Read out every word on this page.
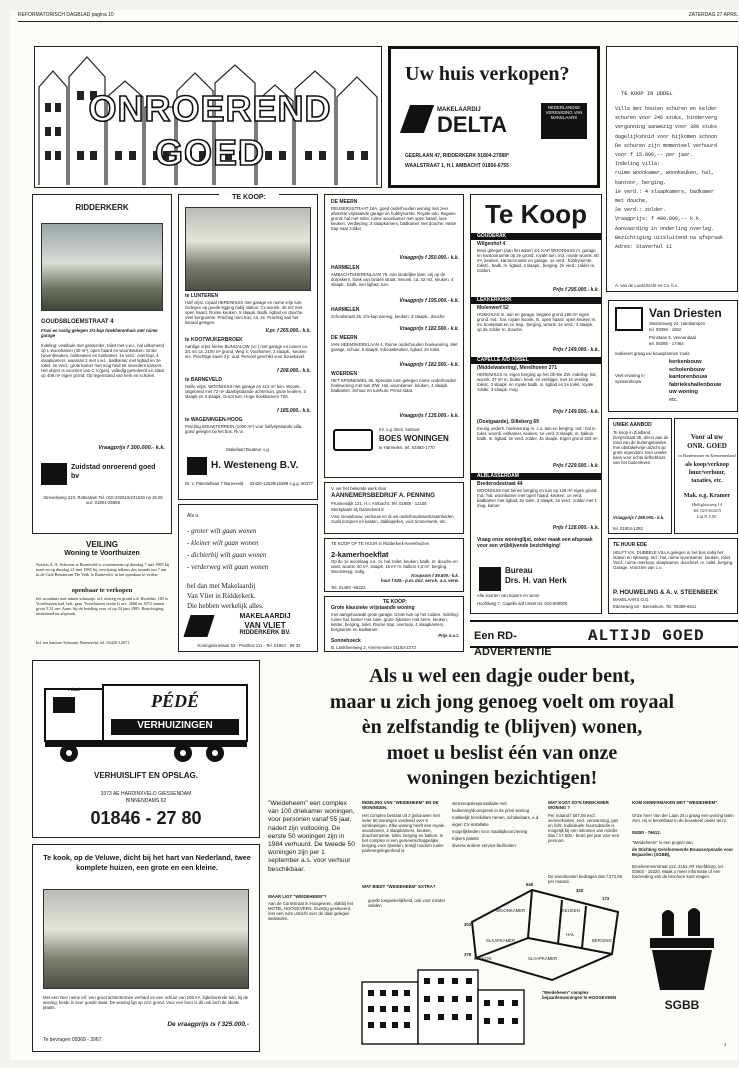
REFORMATORISCH DAGBLAD pagina 10	ZATERDAG 27 APRIL
ONROEREND GOED
Uw huis verkopen?
MAKELAARDIJ
DELTA
NEDERLANDSE VERENIGING VAN MAKELAARS
GEERLAAN 47, RIDDERKERK 01804-27088*
WAALSTRAAT 1, H.I. AMBACHT 01856-6755
TE KOOP IN UDDEL
Villa met houten schuren en kelder
schuren voor 246 stuks, binderverg
vergunning aanwezig voor 300 stuks
dagelijkshoid voor bijkomen schoon
De schuren zijn momenteel verhuurd
voor f 15.000,-- per jaar.
Indeling villa:
ruime woonkamer, woonkeuken, hal,
kantoor, berging.
1e verd.: 4 slaapkamers, badkamer
met douche,
2e verd.: zolder.
Vraagprijs: f 400.000,-- k.k.
Aanvaarding in onderling overleg.
Bezichtiging uitsluitend na afspraak
Adres: Staverhul 11
A. van de Looschecht en Co. b.v.
RIDDERKERK
GOUDSBLOEMSTRAAT 4
Fraai en rustig gelegen 2/1-kap hoekherenhuis met ruime garage
Indeling: vestibule met garderobe, toilet met v.w.l., hal uitkomend op L-woonkamer (40 m²), open haard en woonkeuken. Grote (woon)keuken, tuinkeuken en tuinkamer. 1e verd.: overloop, 4 slaapkamers, waarvan 2 met v.w.l., badkamer met ligbad en 2e toilet. 2e verd.: grote kamer met mog heid tot meerdere kamers. Het object is voorzien van C.V.(gas), volledig geïsoleerd en staat op 408 m² eigen grond. Op tegenstand van kerk en scholen.
Vraagprijs f 300.000.- k.k.
Zuidstad onroerend goed bv
Strevelsweg 210, Rotterdam Tel. 010-232519/231530 na 18.00 uur: 01804-25885
TE KOOP:
te LUNTEREN
Half vrijst. royaal HERENHUIS met garage en ruime vrije tuin. Gelegen op goede ligging nabij station. Cv woonk. 40 m2 met open haard. Ruime keuken. 5 slaapk. Badk. ligbad en douche. Veel bergruimte. Prachtig ruim tuin, ca. 4x. Prachtig aan het kanaal gelegen.
V.pr. f 265.000.- k.k.
te KOOTWIJKERBROEK
Aardige vrijst. kleine BUNGALOW (v.r.) met garage en tuinen ca. 3/1 en ca. 2100 m² grond. Weg 4. Voorkamer, 2 slaapk., keuken etc. Prachtige kavel 3 jr. oud. Perceel geschikt voor bouwkavel.
f 208.000.- k.k.
te BARNEVELD
Halfv. vrijst. WOONHUIS met garage en 413 m² tuin. Woonk. uitgebreid met 72 m² daarbijstaande achtertuin, grote keuken, 3 slaapk en 3 slaapk. Groot tuin. Hoge hoekkamers 700.
f 185.000.- k.k.
te WAGENINGEN-HOOG
Prachtig BOUWTERREIN (1000 m²) voor halfvrijstaande villa, goed gelegen bij het bos. Ri.vr.
Makelaar/Taxateur o.g.
H. Westeneng B.V.
Dr. v. Palestellaan 7 Barneveld	03420-12639/15389 s.g.g. 80377
DE MEERN
REUSERSSTRAAT 16A, goed onderhouden woning met zeer afwerkte vrijstaande garage en hobbyruimte. Royale tuin. Begane grond: hal met toilet, ruime woonkamer met open haard, luxe keuken. Verdieping: 3 slaapkamers, badkamer met douche. Vaste trap naar zolder.
Vraagprijs f 350.000.- k.k.
HARMELEN
AMBACHTSHERENLAAN 76. Aan landelijke laan, vrij op de dorpskern, hoek van landeli straat. Woonk. ca. 32 m2, keuken, 4 slaapk., badk. met ligbad, tuin.
Vraagprijs f 195.000.- k.k.
HARMELEN
Schoolstraat 25. 2/1-kap woning, keuken, 3 slaapk., douche.
Vraagprijs f 182.500.- k.k.
DE MEERN
VAN HEEMSKERKLAAN 4. Ruime onderhouden hoekwoning. Met garage, schuur, 5 slaapk. Inbouwkeuken, ligbad, 2e toilet.
Vraagprijs f 182.500.- k.k.
WOERDEN
HET SPINNEWIEL 36. Speciale ruim gelegen ruime onderhouden hoekwoning met tuin Z/W. Hal, woonkamer, keuken, 4 slaapk. badkamer. Schuur en tuinhuis. Prima staat.
Vraagprijs f 135.000.- k.k.
Inl. o.g. Bem. kantoor
BOES WONINGEN
te Harmelen, tel. 03483-1770
V. ver het bekende werk door
AANNEMERSBEDRIJF A. PENNING
Pruimendijk 121, H.I. Ambacht. Tel. 01858 - 12105
Werkplaats bij Damerkant 8
Voor nieuwbouw, verbouw en al uw onderhoudswerkzaamheden, zoals kozijnen en kasten, dakkapellen, voor timmerwerk, etc.
Als u
- groter wilt gaan wonen
- kleiner wilt gaan wonen
- dichterbij wilt gaan wonen
- verderweg wilt gaan wonen
bel dan met Makelaardij
Van Vliet in Ridderkerk.
Die hebben werkelijk alles.
MAKELAARDIJ
VAN VLIET
RIDDERKERK BV.
Koningsinnelaan 63 - Postbus 111 - Tel. 01804 - 89 32
TE KOOP OF TE HUUR in Ridderkerk-Kreekhuizen
2-kamerhoekflat
Op de 1e woonlaag o.a. cv, hal, toilet, keuken, badk. m. douche en wast, woonk. 30 m², slaapk. 15 m² m. balkon 4,2 m², berging. Woonsteyg. redig.
Koopsom f 39.500.- k.k.
huur f 525.- p.m. incl. serv.k. o.a. verw.
Tel. 01480 -69322
TE KOOP:
Grote klassieke vrijstaande woning
met aangebouwde grote garage. Grote tuin op het zuiden. Indeling: ruime hal, kamer met suite, grote zijkamer met serre, keuken, kelder, berging, toilet. Ruime trap, overloop, 4 slaapkamers, bergruimte en badkamer.
Prijs n.o.t.
Sonnehoeck
B. Lankheerweg 2, Amersmolen 01183-2273
VEILING
Woning te Voorthuizen
Notaris A. A. Schoone te Barneveld is voornemens op dinsdag 7 mei 1985 bij inzet en op dinsdag 21 mei 1985 bij toewijzing telkens des avonds om 7 uur in de Café Restaurant 'De Valk' te Barneveld, in het openbaar te veilen:
openbaar te verkopen
het woonhuis met tuinen schuurtje, erf, uitweg en grond a.d. Hoofdstr. 185 te Voorthuizen kad. bek. gem. Voorthuizen sectie G nrs. 2600 en 3072 samen groot 5.51 are. Aanv. bij de betaling voor of op 24 juni 1985. Bezichtiging uitsluitend na afspraak.
Inl. ten kantore Schoone, Barneveld, tel. 03420-12071.
Te Koop
GOUDERAK
Wilgenhof 4
Mooi gelegen (aan het water) 2/1 KAP WOONHUIS m. garage en kantoorruimte op 2e grond, royale tuin. Ind. royale woonk. 60 m², keuken, kantoorruimte en garage. 1e verd.: hobbyruimte, toiletc., badk. m. ligbad, 4 slaapk., berging. 2e verd.: zolder m. zoldert.
Prijs f 295.000.- k.k.
LEKKERKERK
Molenwerf 52
HOEKHUIS m. tuin en garage, begane grond 190 m² eigen grond. Ind.: hal, royale woonk. m. open haard, open keuken m. ml. bookplaat en cv. kap., berging, woonk. 1e verd.: 3 slaapk. op de zolder m. douche.
Prijs f 149.000.- k.k.
CAPELLE A/D IJSSEL
(Middelwatering), Merelhoven 271
HERENHUIS m. eigen berging op het Ob-Be ZW. Indeling: hal, woonk. 37 m² m. buiten, keuk. en verbijgel. met 1e verdiep. toiletc. 3 slaapk. en royale badk. m. ligbad en 2e toilet, royale zolder. 3 slaapk. mog.
Prijs f 149.500.- k.k.
(Oostgaarde), Silleberg 69
Keurig onderh. hoekwoning m. z.o. tuin en berging. Ind.: hal m. toilet, woonk. eetkamer, keuken, 1e verd. 3 slaapk. m. balkon, badk. m. ligbad, 2e verd. zolder, 4e slaapk. Eigen grond 325 m².
Prijs f 229.500.- k.k.
ALBLASSERDAM
Brederodestraat 44
WOONHUIS met tuinen berging en tuin op 126 m² eigen grond. Ind.: hal, woonkamer met open haard, keuken. 1e verd. badkamer met ligbad, 2e toilet, 3 slaapk. 2e verd.: zolder met 1 mog. kamer.
Prijs f 128.000.- k.k.
Vraag onze woninglijst, zeker maak een afspraak voor een vrijblijvende bezichtiging!
Bureau
Drs. H. van Herk
Alle soorten van kopers en woon
Hoofdweg 7, Capelle a/d IJssel tel. 010-500000
Van Driesten
Stationsweg 24, Hamkampen
tel. 08396 - 1652
Prinstaan 5, Veenendaal
tel. 08385 - 17464
realiseert graag uw bouwplannen zoals
Veel ervaring in
systeembouw
kerkenbouw
scholenbouw
kantorenbouw
fabriekshallenbouw
uw woning
etc.
UNIEK AANBOD
Te koop in Zuidland. Dorpsstraat 35, direct aan de rand van de buitengebieden, met obstakelvrije uitzicht op grote eigendom. Een unieke kans voor echte liefhebbers van het buitenleven.
Vraagprijs f 289.000.- k.k.
tel. 01804-1282
Voor al uw
ONR. GOED
in Haarlemmer en Kennemerland
als koop/verkoop
huur/verhuur,
taxaties, etc.
Mak. o.g. Kramer
Heiliglooiweg 14
Tel. 023-263215
Lid N.V.M.
TE HUUR EDE
HELFT V.K. DUBBELE VILLA gelegen in het bos nabij het station en rijksweg. Ind.: hal, ruime woonkamer, keuken, toilet. Verd.: ruime overloop, slaapkamer, doucheel. m. toilet, berging. Garage. Voorzien van c.v.
P. HOUWELING & A. v. STEENBEEK
MAKELAARS O.G.
Edeseweg 53 - Bennekom. Tel. 08389-6511
Een RD-ADVERTENTIE
ALTIJD GOED
PÉDÉ
VERHUIZINGEN
PÉDÉ
VERHUISLIFT EN OPSLAG.
3373 AE HARDINXVELD GIESSENDAM
BINNENDAMS 62
01846 - 27 80
Te kook, op de Veluwe, dicht bij het hart van Nederland, twee komplete huizen, een grote en een kleine.
Met een zeer ruime erf, een groot achtertermen verhard en een schuur van 100 m², bijbehorende tuin, bij de woning; beide in zeer goede staat. De woning ligt op zo'n grond. Voor een boer is dit ook toch de ideale plaats.
De vraagprijs is f 325.000.-
Te bevragen 09368 - 3967.
Als u wel een dagje ouder bent,
maar u zich jong genoeg voelt om royaal
èn zelfstandig te (blijven) wonen,
moet u beslist één van onze
woningen bezichtigen!
"Weideheem" een complex van 100 driekamer woningen, voor personen vanaf 55 jaar, nadert zijn voltooiing. De eerste 50 woningen zijn in 1984 verhuurd. De tweede 50 woningen zijn per 1 september a.s. voor verhuur beschikbaar.
WAAR LIGT "WEIDEHEEM"?
Aan de Curiestraat in Hoogeveen, vlakbij het MOTEL HOOGEVEEN. Gunstig gesitueerd, met een ruim uitzicht over de daar gelegen weilanden.
INDELING VAN "WEIDEHEEM" EN DE WONINGEN.
Het complex bestaat uit 2 gebouwen met ieder 50 woningen verdeeld over 5 verdiepingen. Elke woning heeft een royale woonkamer, 2 slaapkamers, keuken, douche/ruimte, toilet, berging en balkon. In het complex is een gemeenschappelijke berging voor rijwielen, terwijl rondom ruime parkeergelegenheid is.
WAT BIEDT "WEIDEHEEM" EXTRA?
goede toegankelijkheid, ook voor minder validen
sterrenopsleepinstallatie met bediening/doorspreek in de privé woning
makkelijk bereikbare ramen, schakelaars, e.d.
eigen CV-installatie
mogelijkheden voor maaltijdvoorziening Kijkers palette
diverse andere service-faciliteiten
WAT KOST ZO'N DRIEKAMER WONING ?
Per maand f 567,05 excl. servicekosten, excl. verwarming, gas en licht. Individuele huursubsidie is mogelijk bij een inkomen van minder dan f 17.500,- bruto per jaar voor een persoon.
De woonkosten bedragen dan f 272,65 per maand.
KOM KENNISMAKEN MET "WEIDEHEEM"
Onze heer Van der Laan zit u graag een woning laten zien. Hij is bereikbaar in de bouwkeet onder tel.nr.
05280 - 76612.
"Weideheem" is een project van
de Stichting Gereformeerde Bouwcorporatie voor Bejaarden (SGBB),
Broekermeerstraat 113, 2151 AR Hoofddorp, tel. 02503 - 15320. Maak u meer informatie of een toezending van de brochure kunt vragen.
WOONKAMER	KEUKEN
SLAAPKAMER
BALKON
HAL
SLAAPKAMER
BERGING
645
320
173
303
378
"Weideheem" complex bejaardenwoningen te HOOGEVEEN
SGBB
1
